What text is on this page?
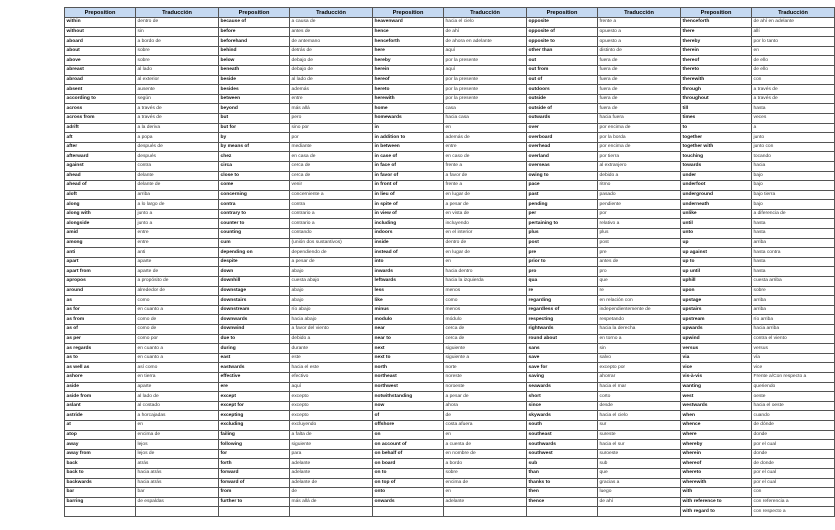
Preposition	Traducción	Preposition	Traducción	Preposition	Traducción	Preposition	Traducción	Preposition	Traducción
within	dentro de	because of	a causa de	heavenward	hacia el cielo	opposite	frente a	thenceforth	de ahí en adelante
without	sin	before	antes de	hence	de ahí	opposite of	opuesto a	there	allí
aboard	a bordo de	beforehand	de antemano	henceforth	de ahora en adelante	opposite to	opuesto a	thereby	por lo tanto
about	sobre	behind	detrás de	here	aquí	other than	distinto de	therein	en
above	sobre	below	debajo de	hereby	por la presente	out	fuera de	thereof	de ello
abreast	al lado	beneath	debajo de	herein	aquí	out from	fuera de	thereto	de ello
abroad	al exterior	beside	al lado de	hereof	por la presente	out of	fuera de	therewith	con
absent	ausente	besides	además	hereto	por la presente	outdoors	fuera de	through	a través de
according to	según	between	entre	herewith	por la presente	outside	fuera de	throughout	a través de
across	a través de	beyond	más allá	home	casa	outside of	fuera de	till	hasta
across from	a través de	but	pero	homewards	hacia casa	outwards	hacia fuera	times	veces
adrift	a la deriva	but for	sino por	in	en	over	por encima de	to	a
aft	a popa	by	por	in addition to	además de	overboard	por la borda	together	junto
after	después de	by means of	mediante	in between	entre	overhead	por encima de	together with	junto con
afterward	después	chez	en casa de	in case of	en caso de	overland	por tierra	touching	tocando
against	contra	circa	cerca de	in face of	frente a	overseas	al extranjero	towards	hacia
ahead	delante	close to	cerca de	in favor of	a favor de	owing to	debido a	under	bajo
ahead of	delante de	come	venir	in front of	frente a	pace	ritmo	underfoot	bajo
aloft	arriba	concerning	concerniente a	in lieu of	en lugar de	past	pasado	underground	bajo tierra
along	a lo largo de	contra	contra	in spite of	a pesar de	pending	pendiente	underneath	bajo
along with	junto a	contrary to	contrario a	in view of	en vista de	per	por	unlike	a diferencia de
alongside	junto a	counter to	contrario a	including	incluyendo	pertaining to	relativo a	until	hasta
amid	entre	counting	contando	indoors	en el interior	plus	plus	unto	hasta
among	entre	cum	(unión dos sustantivos)	inside	dentro de	post	post	up	arriba
anti	anti	depending on	dependiendo de	instead of	en lugar de	pre	pre	up against	hasta contra
apart	aparte	despite	a pesar de	into	en	prior to	antes de	up to	hasta
apart from	aparte de	down	abajo	inwards	hacia dentro	pro	pro	up until	hasta
apropos	a propósito de	downhill	cuesta abajo	leftwards	hacia la izquierda	qua	que	uphill	cuesta arriba
around	alrededor de	downstage	abajo	less	menos	re	re	upon	sobre
as	como	downstairs	abajo	like	como	regarding	en relación con	upstage	arriba
as for	en cuanto a	downstream	río abajo	minus	menos	regardless of	independientemente de	upstairs	arriba
as from	como de	downwards	hacia abajo	modulo	módulo	respecting	respetando	upstream	río arriba
as of	como de	downwind	a favor del viento	near	cerca de	rightwards	hacia la derecha	upwards	hacia arriba
as per	como por	due to	debido a	near to	cerca de	round about	en torno a	upwind	contra el viento
as regards	en cuanto a	during	durante	next	siguiente	sans	sin	versus	versus
as to	en cuanto a	east	este	next to	siguiente a	save	salvo	via	vía
as well as	así como	eastwards	hacia el este	north	norte	save for	excepto por	vice	vice
ashore	en tierra	effective	efectivo	northeast	noreste	saving	ahorrar	vis-à-vis	Frente a/Con respecto a
aside	aparte	ere	aquí	northwest	noroeste	seawards	hacia el mar	wanting	queriendo
aside from	al lado de	except	excepto	notwithstanding	a pesar de	short	corto	west	oeste
aslant	al costado	except for	excepto	now	ahora	since	desde	westwards	hacia el oeste
astride	a horcajadas	excepting	excepto	of	de	skywards	hacia el cielo	when	cuando
at	en	excluding	excluyendo	offshore	costa afuera	south	sur	whence	de dónde
atop	encima de	failing	a falta de	on	en	southeast	sureste	where	donde
away	lejos	following	siguiente	on account of	a cuenta de	southwards	hacia el sur	whereby	por el cual
away from	lejos de	for	para	on behalf of	en nombre de	southwest	suroeste	wherein	donde
back	atrás	forth	adelante	on board	a bordo	sub	sub	whereof	de donde
back to	hacia atrás	forward	adelante	on to	sobre	than	que	whereto	por el cual
backwards	hacia atrás	forward of	adelante de	on top of	encima de	thanks to	gracias a	wherewith	por el cual
bar	bar	from	de	onto	en	then	luego	with	con
barring	de espaldas	further to	más allá de	onwards	adelante	thence	de ahí	with reference to	con referencia a
								with regard to	con respecto a
